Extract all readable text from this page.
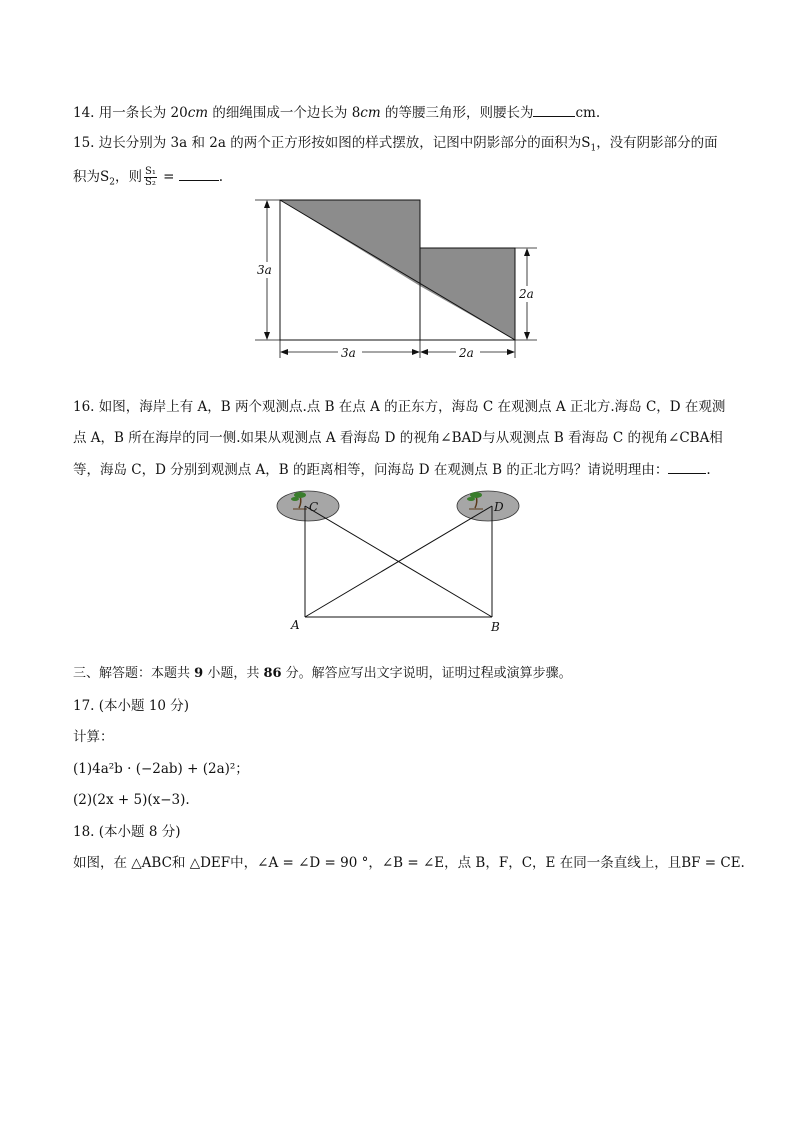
14. 用一条长为 20cm 的细绳围成一个边长为 8cm 的等腰三角形，则腰长为	cm.
15. 边长分别为 3a 和 2a 的两个正方形按如图的样式摆放，记图中阴影部分的面积为$S_1$，没有阴影部分的面
积为$S_2$，则 $\frac{\text{S₁}}{\text{S₂}}$ =	.
3a
2a
3a	2a
16. 如图，海岸上有 A，B 两个观测点.点 B 在点 A 的正东方，海岛 C 在观测点 A 正北方.海岛 C，D 在观测
点 A，B 所在海岸的同一侧.如果从观测点 A 看海岛 D 的视角∠BAD与从观测点 B 看海岛 C 的视角∠CBA相
等，海岛 C，D 分别到观测点 A，B 的距离相等，问海岛 D 在观测点 B 的正北方吗？请说明理由：	.
C	D
A	B
三、解答题：本题共 9 小题，共 86 分。解答应写出文字说明，证明过程或演算步骤。
17. (本小题 10 分)
计算：
(1)4a²b · (−2ab) + (2a)²；
(2)(2x + 5)(x−3).
18. (本小题 8 分)
如图，在 △ABC和 △DEF中，∠A = ∠D = 90 °，∠B = ∠E，点 B，F，C，E 在同一条直线上，且BF = CE.
